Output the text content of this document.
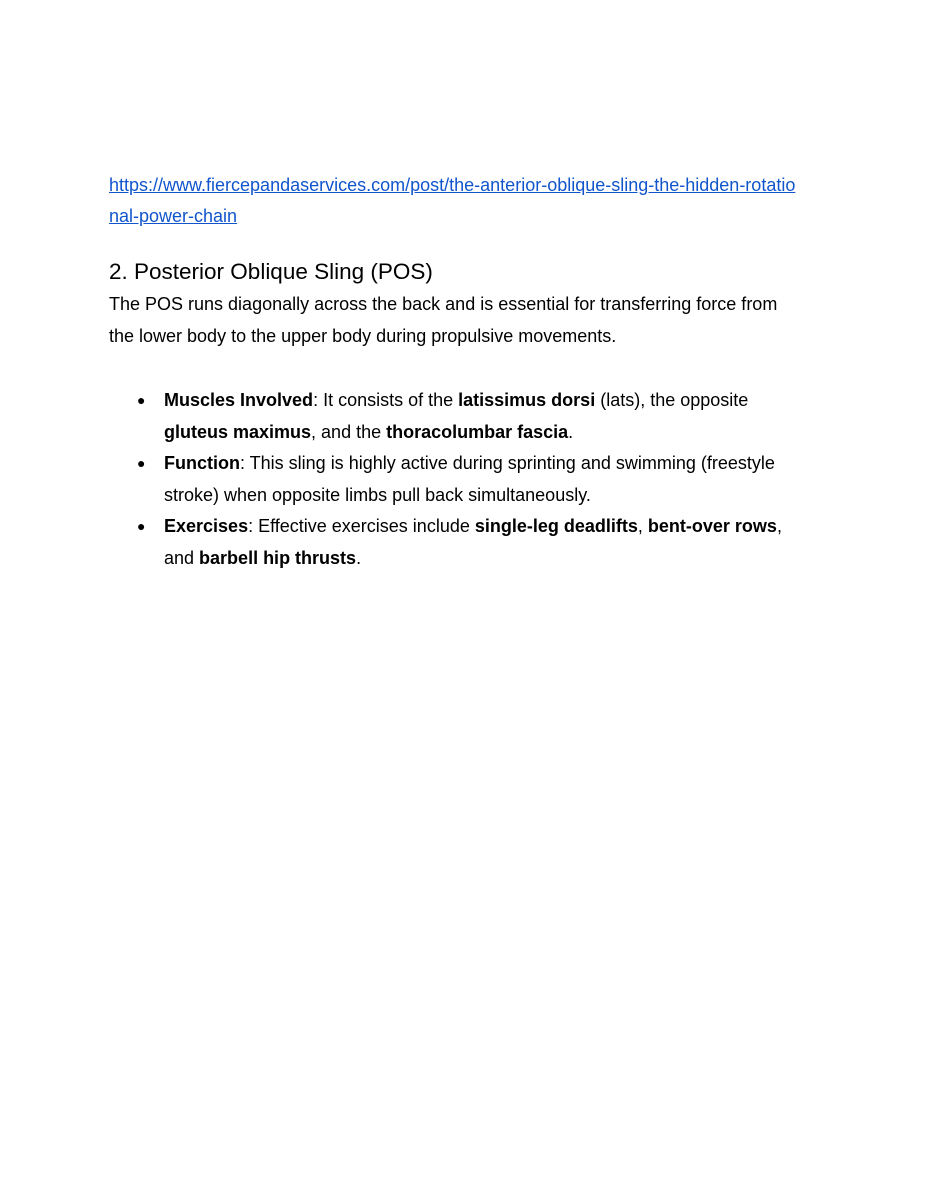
https://www.fiercepandaservices.com/post/the-anterior-oblique-sling-the-hidden-rotational-power-chain
2. Posterior Oblique Sling (POS)

The POS runs diagonally across the back and is essential for transferring force from the lower body to the upper body during propulsive movements.

● Muscles Involved: It consists of the latissimus dorsi (lats), the opposite gluteus maximus, and the thoracolumbar fascia.
● Function: This sling is highly active during sprinting and swimming (freestyle stroke) when opposite limbs pull back simultaneously.
● Exercises: Effective exercises include single-leg deadlifts, bent-over rows, and barbell hip thrusts.
